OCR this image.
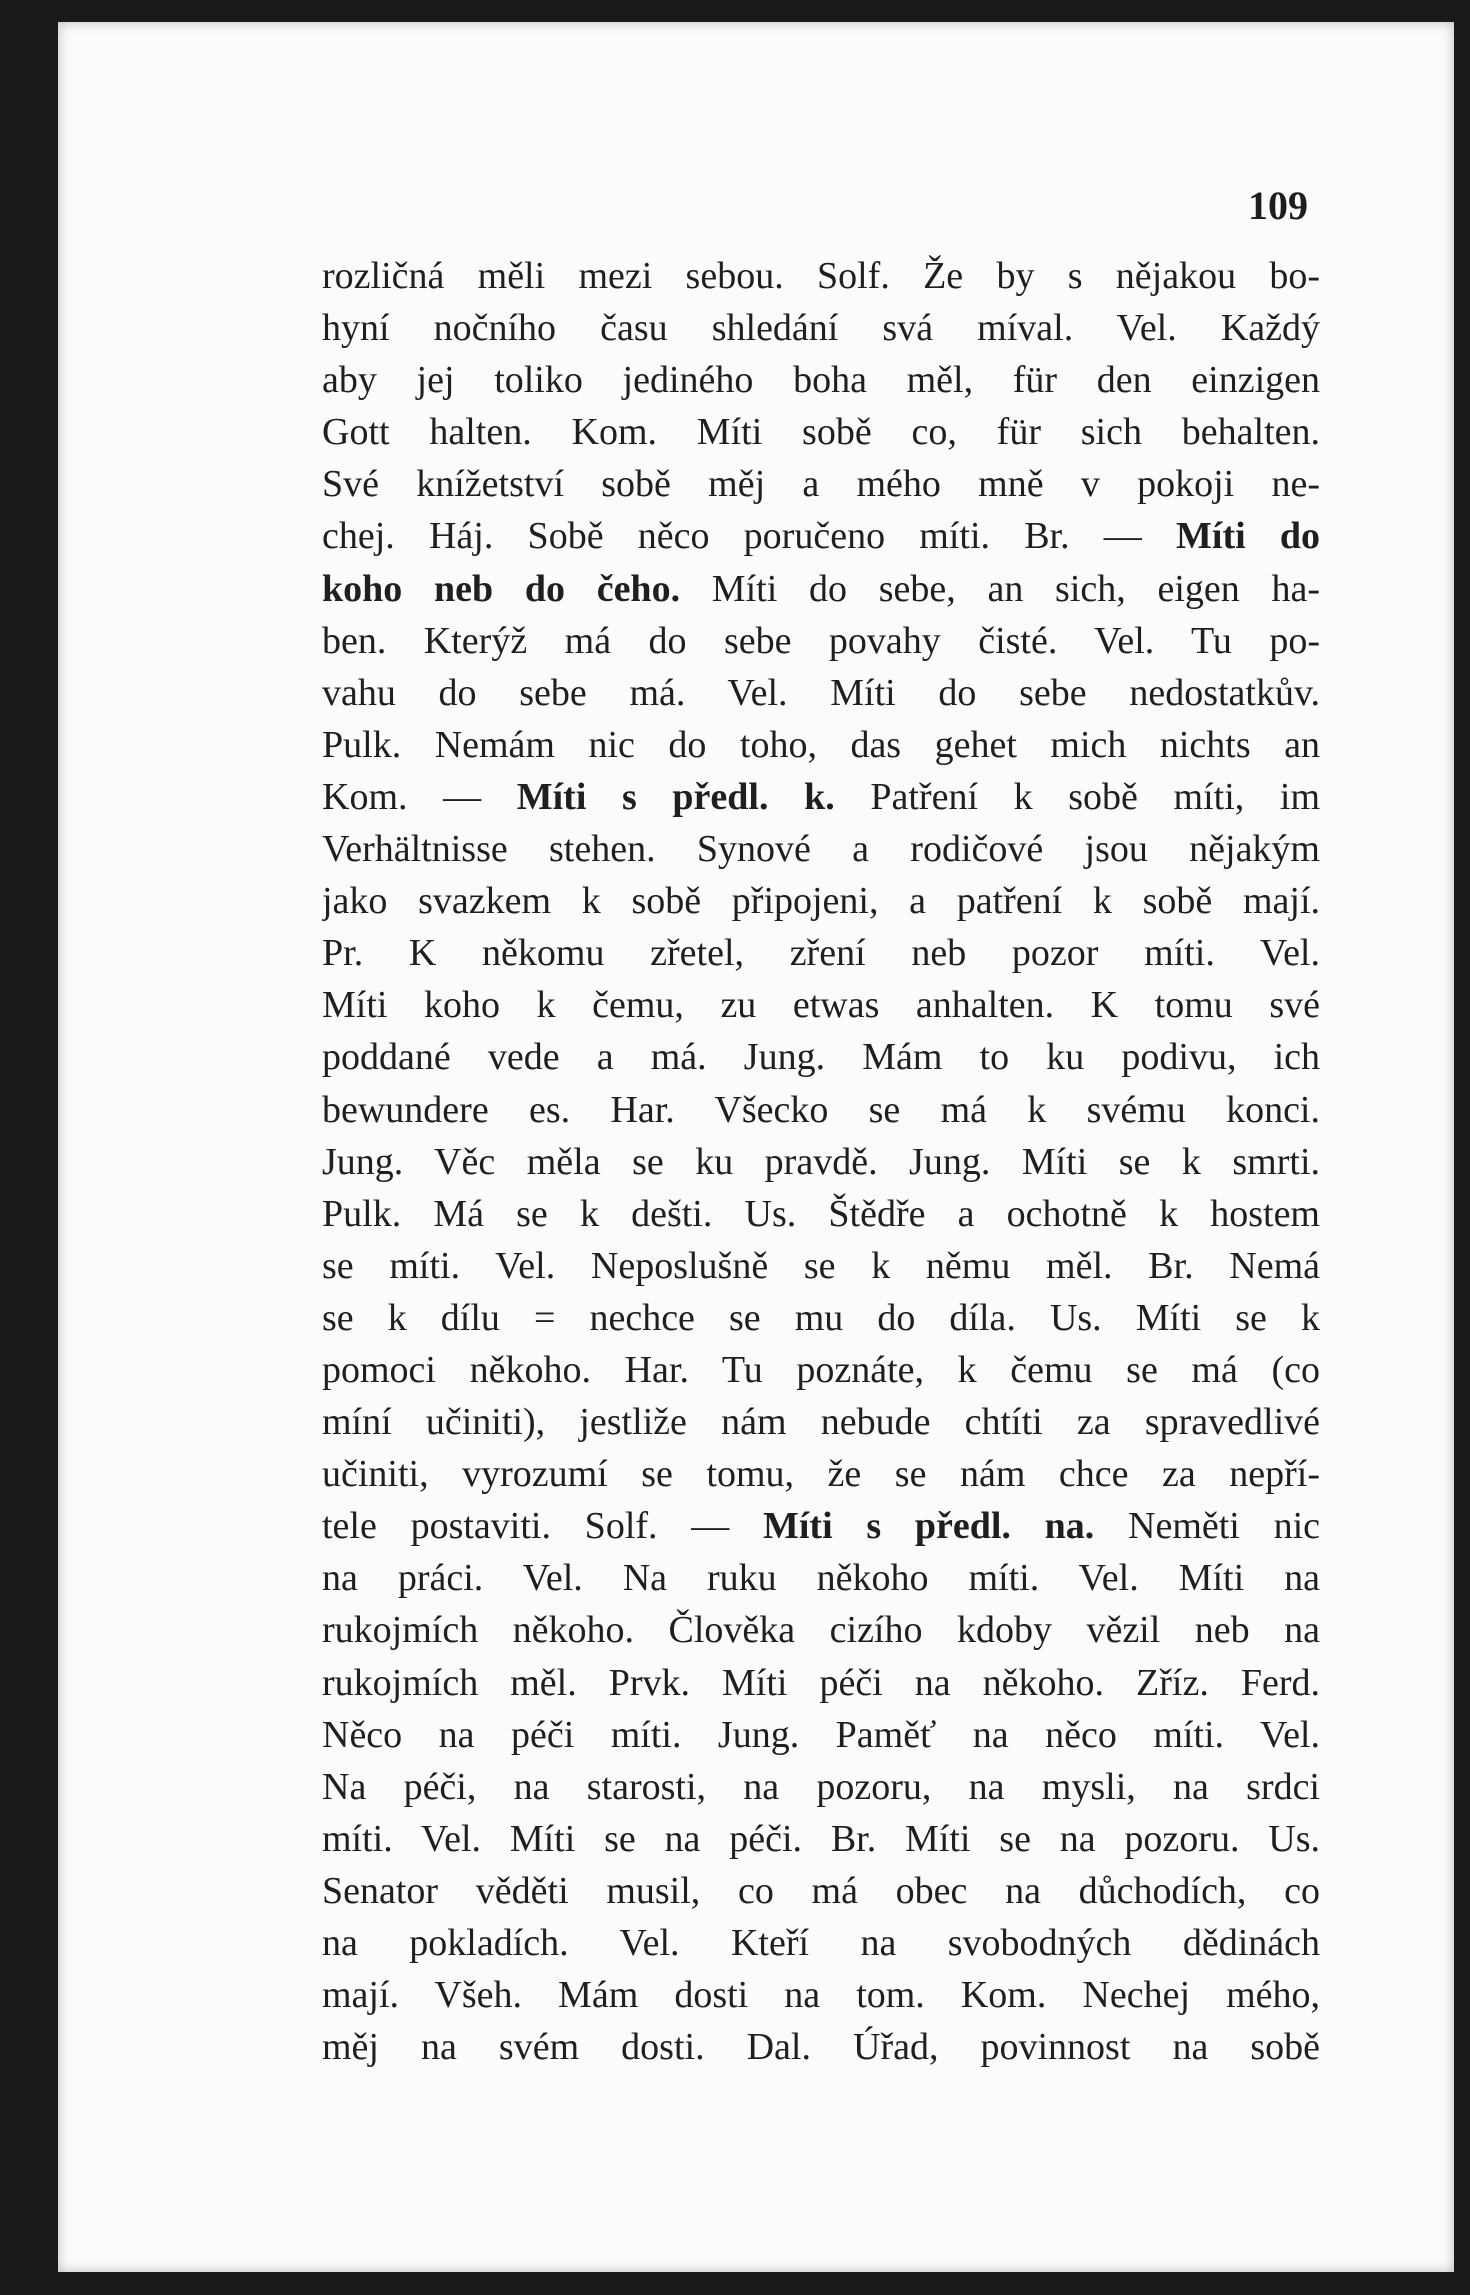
109
rozličná měli mezi sebou. Solf. Že by s nějakou bo-
hyní nočního času shledání svá míval. Vel. Každý
aby jej toliko jediného boha měl, für den einzigen
Gott halten. Kom. Míti sobě co, für sich behalten.
Své knížetství sobě měj a mého mně v pokoji ne-
chej. Háj. Sobě něco poručeno míti. Br. — Míti do
koho neb do čeho. Míti do sebe, an sich, eigen ha-
ben. Kterýž má do sebe povahy čisté. Vel. Tu po-
vahu do sebe má. Vel. Míti do sebe nedostatkův.
Pulk. Nemám nic do toho, das gehet mich nichts an
Kom. — Míti s předl. k. Patření k sobě míti, im
Verhältnisse stehen. Synové a rodičové jsou nějakým
jako svazkem k sobě připojeni, a patření k sobě mají.
Pr. K někomu zřetel, zření neb pozor míti. Vel.
Míti koho k čemu, zu etwas anhalten. K tomu své
poddané vede a má. Jung. Mám to ku podivu, ich
bewundere es. Har. Všecko se má k svému konci.
Jung. Věc měla se ku pravdě. Jung. Míti se k smrti.
Pulk. Má se k dešti. Us. Štědře a ochotně k hostem
se míti. Vel. Neposlušně se k němu měl. Br. Nemá
se k dílu = nechce se mu do díla. Us. Míti se k
pomoci někoho. Har. Tu poznáte, k čemu se má (co
míní učiniti), jestliže nám nebude chtíti za spravedlivé
učiniti, vyrozumí se tomu, že se nám chce za nepří-
tele postaviti. Solf. — Míti s předl. na. Neměti nic
na práci. Vel. Na ruku někoho míti. Vel. Míti na
rukojmích někoho. Člověka cizího kdoby vězil neb na
rukojmích měl. Prvk. Míti péči na někoho. Zříz. Ferd.
Něco na péči míti. Jung. Paměť na něco míti. Vel.
Na péči, na starosti, na pozoru, na mysli, na srdci
míti. Vel. Míti se na péči. Br. Míti se na pozoru. Us.
Senator věděti musil, co má obec na důchodích, co
na pokladích. Vel. Kteří na svobodných dědinách
mají. Všeh. Mám dosti na tom. Kom. Nechej mého,
měj na svém dosti. Dal. Úřad, povinnost na sobě
